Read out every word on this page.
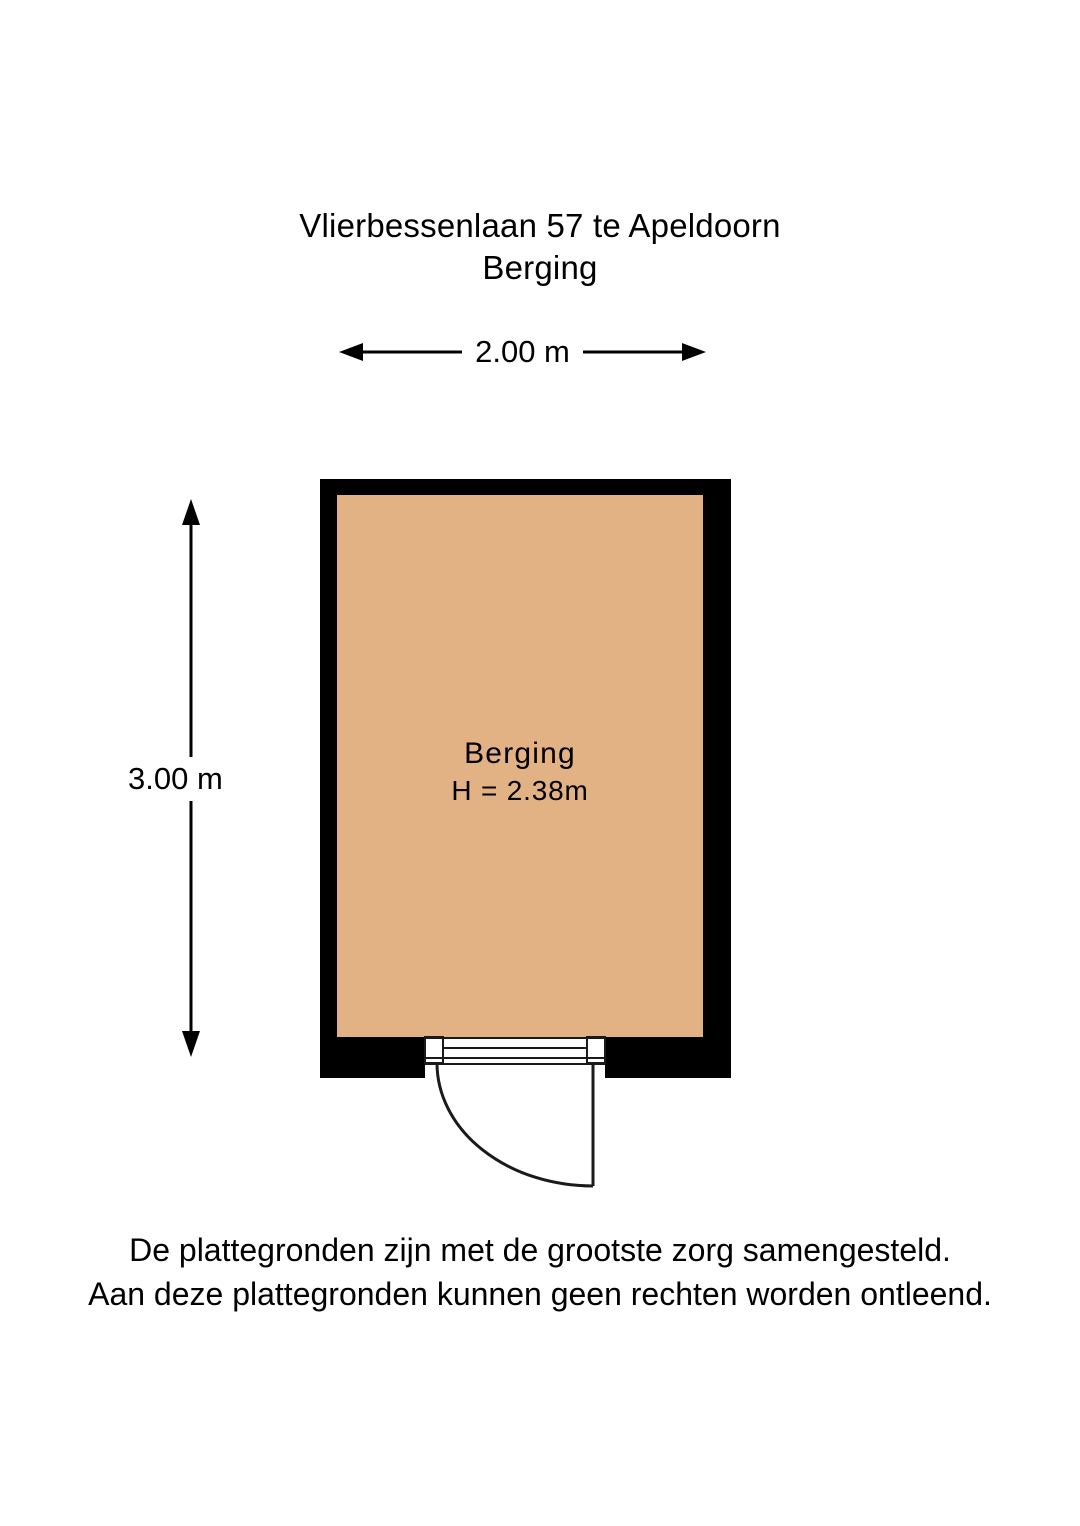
Vlierbessenlaan 57 te Apeldoorn
Berging
2.00 m
3.00 m
Berging
H = 2.38m
De plattegronden zijn met de grootste zorg samengesteld.
Aan deze plattegronden kunnen geen rechten worden ontleend.
